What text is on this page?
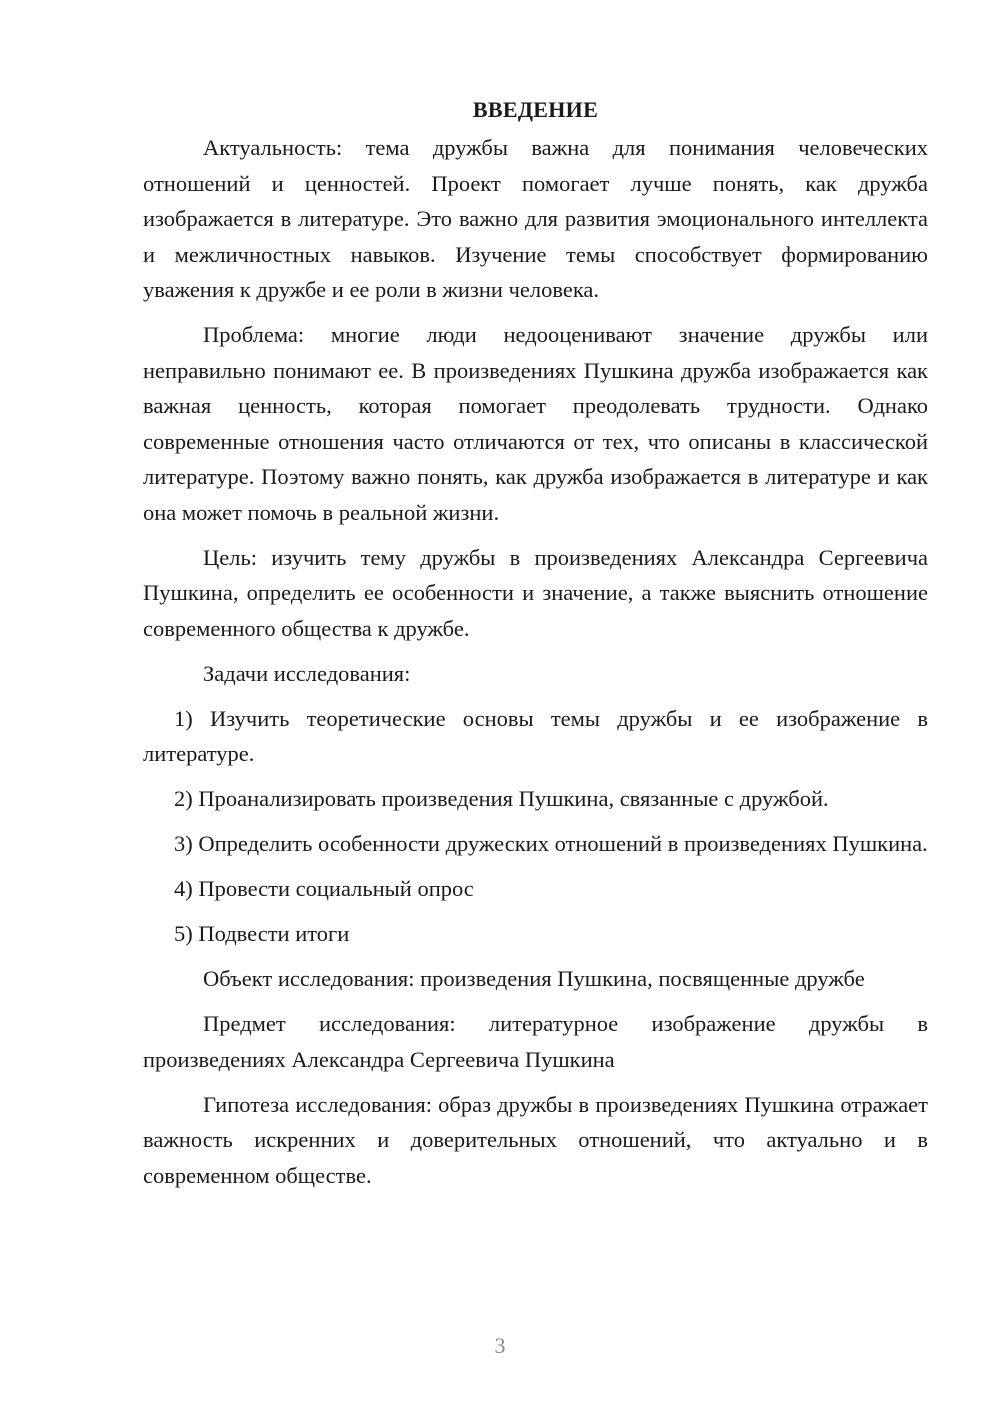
ВВЕДЕНИЕ

Актуальность: тема дружбы важна для понимания человеческих отношений и ценностей. Проект помогает лучше понять, как дружба изображается в литературе. Это важно для развития эмоционального интеллекта и межличностных навыков. Изучение темы способствует формированию уважения к дружбе и ее роли в жизни человека.

Проблема: многие люди недооценивают значение дружбы или неправильно понимают ее. В произведениях Пушкина дружба изображается как важная ценность, которая помогает преодолевать трудности. Однако современные отношения часто отличаются от тех, что описаны в классической литературе. Поэтому важно понять, как дружба изображается в литературе и как она может помочь в реальной жизни.

Цель: изучить тему дружбы в произведениях Александра Сергеевича Пушкина, определить ее особенности и значение, а также выяснить отношение современного общества к дружбе.

Задачи исследования:

1) Изучить теоретические основы темы дружбы и ее изображение в литературе.

2) Проанализировать произведения Пушкина, связанные с дружбой.

3) Определить особенности дружеских отношений в произведениях Пушкина.

4) Провести социальный опрос

5) Подвести итоги

Объект исследования: произведения Пушкина, посвященные дружбе

Предмет исследования: литературное изображение дружбы в произведениях Александра Сергеевича Пушкина

Гипотеза исследования: образ дружбы в произведениях Пушкина отражает важность искренних и доверительных отношений, что актуально и в современном обществе.

3
